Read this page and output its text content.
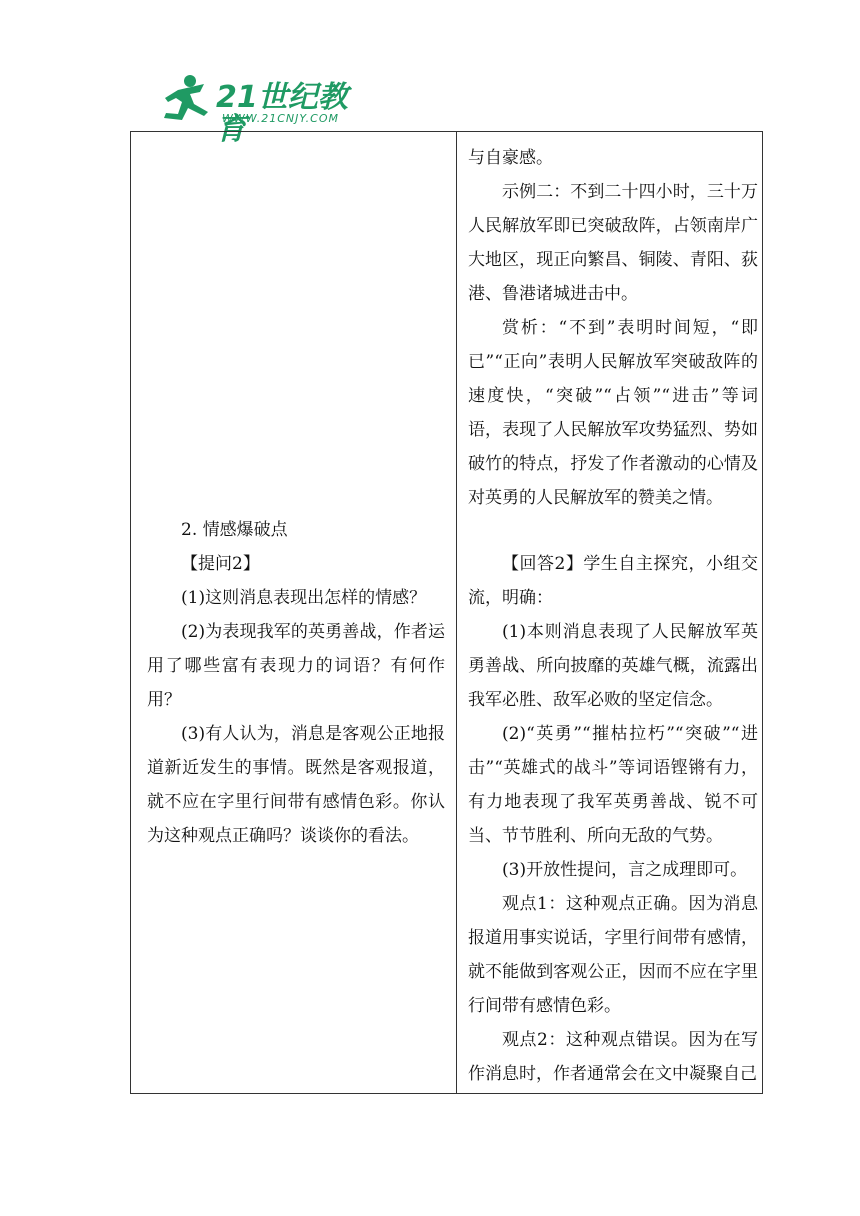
21世纪教育
WWW.21CNJY.COM

与自豪感。

示例二：不到二十四小时，三十万人民解放军即已突破敌阵，占领南岸广大地区，现正向繁昌、铜陵、青阳、荻港、鲁港诸城进击中。

赏析：“不到”表明时间短，“即已”“正向”表明人民解放军突破敌阵的速度快，“突破”“占领”“进击”等词语，表现了人民解放军攻势猛烈、势如破竹的特点，抒发了作者激动的心情及对英勇的人民解放军的赞美之情。

【回答2】学生自主探究，小组交流，明确：

(1)本则消息表现了人民解放军英勇善战、所向披靡的英雄气概，流露出我军必胜、敌军必败的坚定信念。

(2)“英勇”“摧枯拉朽”“突破”“进击”“英雄式的战斗”等词语铿锵有力，有力地表现了我军英勇善战、锐不可当、节节胜利、所向无敌的气势。

(3)开放性提问，言之成理即可。

观点1：这种观点正确。因为消息报道用事实说话，字里行间带有感情，就不能做到客观公正，因而不应在字里行间带有感情色彩。

观点2：这种观点错误。因为在写作消息时，作者通常会在文中凝聚自己

2. 情感爆破点

【提问2】

(1)这则消息表现出怎样的情感？

(2)为表现我军的英勇善战，作者运用了哪些富有表现力的词语？有何作用？

(3)有人认为，消息是客观公正地报道新近发生的事情。既然是客观报道，就不应在字里行间带有感情色彩。你认为这种观点正确吗？谈谈你的看法。
